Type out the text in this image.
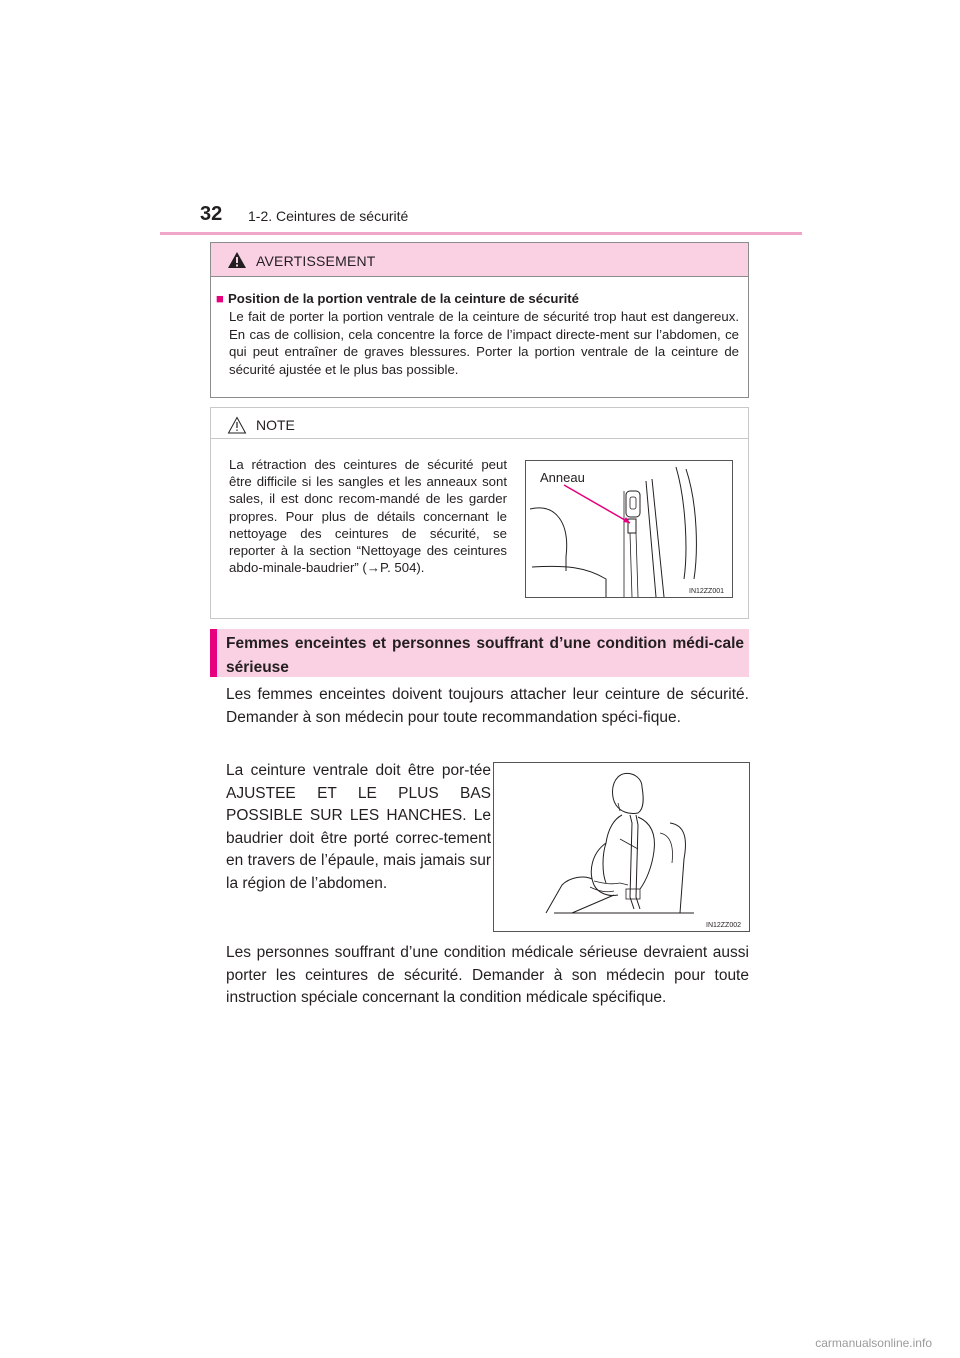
32 1-2. Ceintures de sécurité
AVERTISSEMENT
■ Position de la portion ventrale de la ceinture de sécurité
Le fait de porter la portion ventrale de la ceinture de sécurité trop haut est dangereux. En cas de collision, cela concentre la force de l’impact directe-ment sur l’abdomen, ce qui peut entraîner de graves blessures. Porter la portion ventrale de la ceinture de sécurité ajustée et le plus bas possible.
NOTE
La rétraction des ceintures de sécurité peut être difficile si les sangles et les anneaux sont sales, il est donc recom-mandé de les garder propres. Pour plus de détails concernant le nettoyage des ceintures de sécurité, se reporter à la section “Nettoyage des ceintures abdo-minale-baudrier” (→P. 504).
Anneau
IN12ZZ001
Femmes enceintes et personnes souffrant d’une condition médi-cale sérieuse
Les femmes enceintes doivent toujours attacher leur ceinture de sécurité. Demander à son médecin pour toute recommandation spéci-fique.
La ceinture ventrale doit être por-tée AJUSTEE ET LE PLUS BAS POSSIBLE SUR LES HANCHES. Le baudrier doit être porté correc-tement en travers de l’épaule, mais jamais sur la région de l’abdomen.
IN12ZZ002
Les personnes souffrant d’une condition médicale sérieuse devraient aussi porter les ceintures de sécurité. Demander à son médecin pour toute instruction spéciale concernant la condition médicale spécifique.
carmanualsonline.info
